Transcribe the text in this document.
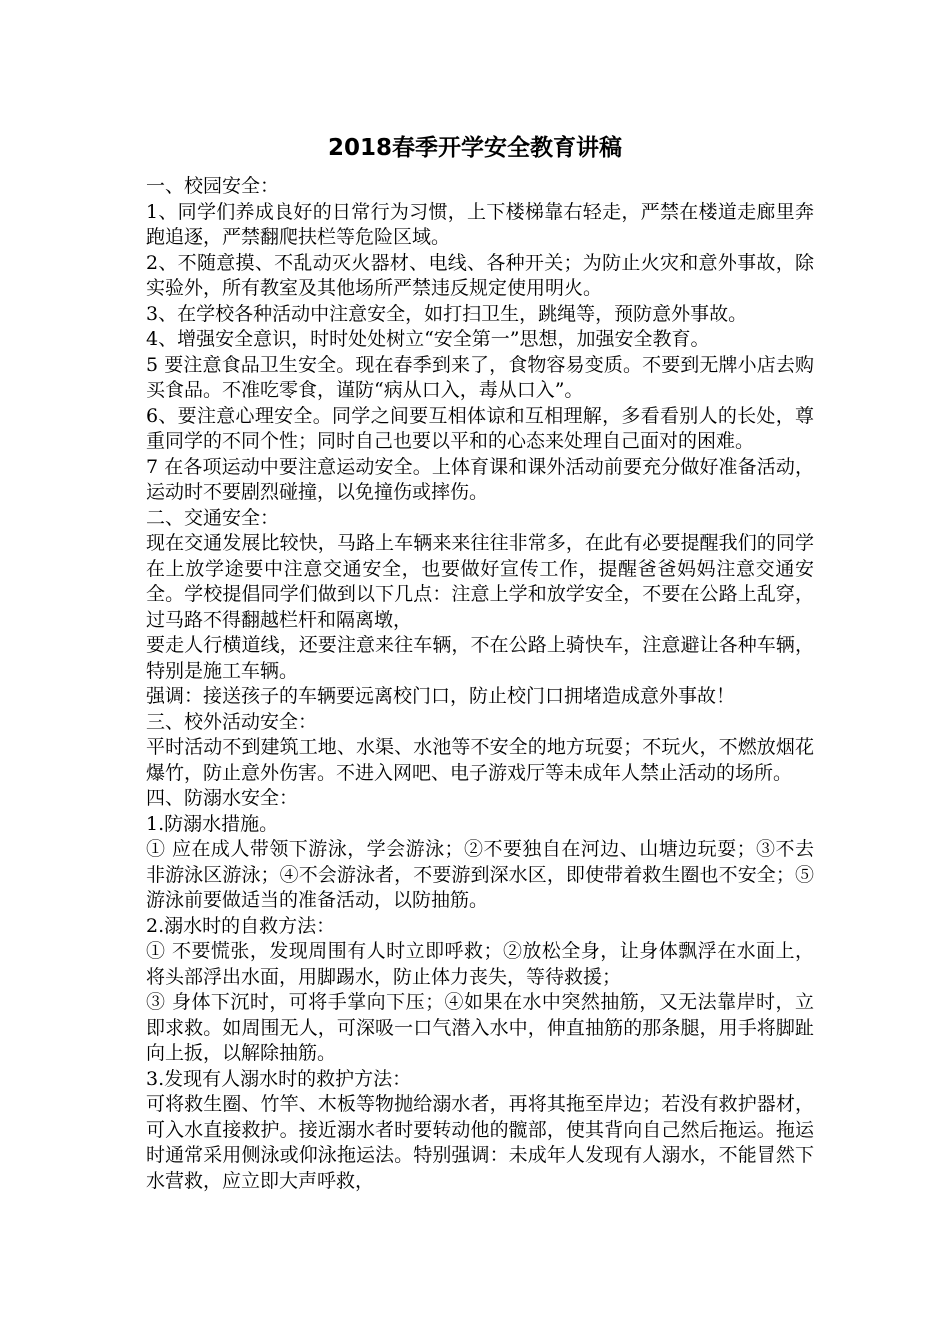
2018春季开学安全教育讲稿

一、校园安全：

1、同学们养成良好的日常行为习惯，上下楼梯靠右轻走，严禁在楼道走廊里奔跑追逐，严禁翻爬扶栏等危险区域。

2、不随意摸、不乱动灭火器材、电线、各种开关；为防止火灾和意外事故，除实验外，所有教室及其他场所严禁违反规定使用明火。

3、在学校各种活动中注意安全，如打扫卫生，跳绳等，预防意外事故。

4、增强安全意识，时时处处树立“安全第一”思想，加强安全教育。

5 要注意食品卫生安全。现在春季到来了，食物容易变质。不要到无牌小店去购买食品。不准吃零食，谨防“病从口入，毒从口入”。

6、要注意心理安全。同学之间要互相体谅和互相理解，多看看别人的长处，尊重同学的不同个性；同时自己也要以平和的心态来处理自己面对的困难。

7 在各项运动中要注意运动安全。上体育课和课外活动前要充分做好准备活动，运动时不要剧烈碰撞，以免撞伤或摔伤。

二、交通安全：

现在交通发展比较快，马路上车辆来来往往非常多，在此有必要提醒我们的同学在上放学途要中注意交通安全，也要做好宣传工作，提醒爸爸妈妈注意交通安全。学校提倡同学们做到以下几点：注意上学和放学安全，不要在公路上乱穿，过马路不得翻越栏杆和隔离墩，

要走人行横道线，还要注意来往车辆，不在公路上骑快车，注意避让各种车辆，特别是施工车辆。

强调：接送孩子的车辆要远离校门口，防止校门口拥堵造成意外事故！

三、校外活动安全：

平时活动不到建筑工地、水渠、水池等不安全的地方玩耍；不玩火，不燃放烟花爆竹，防止意外伤害。不进入网吧、电子游戏厅等未成年人禁止活动的场所。

四、防溺水安全：

1.防溺水措施。

① 应在成人带领下游泳，学会游泳；②不要独自在河边、山塘边玩耍；③不去非游泳区游泳；④不会游泳者，不要游到深水区，即使带着救生圈也不安全；⑤游泳前要做适当的准备活动，以防抽筋。

2.溺水时的自救方法：

① 不要慌张，发现周围有人时立即呼救；②放松全身，让身体飘浮在水面上，将头部浮出水面，用脚踢水，防止体力丧失，等待救援；

③ 身体下沉时，可将手掌向下压；④如果在水中突然抽筋，又无法靠岸时，立即求救。如周围无人，可深吸一口气潜入水中，伸直抽筋的那条腿，用手将脚趾向上扳，以解除抽筋。

3.发现有人溺水时的救护方法：

可将救生圈、竹竿、木板等物抛给溺水者，再将其拖至岸边；若没有救护器材，可入水直接救护。接近溺水者时要转动他的髋部，使其背向自己然后拖运。拖运时通常采用侧泳或仰泳拖运法。特别强调：未成年人发现有人溺水，不能冒然下水营救，应立即大声呼救，
